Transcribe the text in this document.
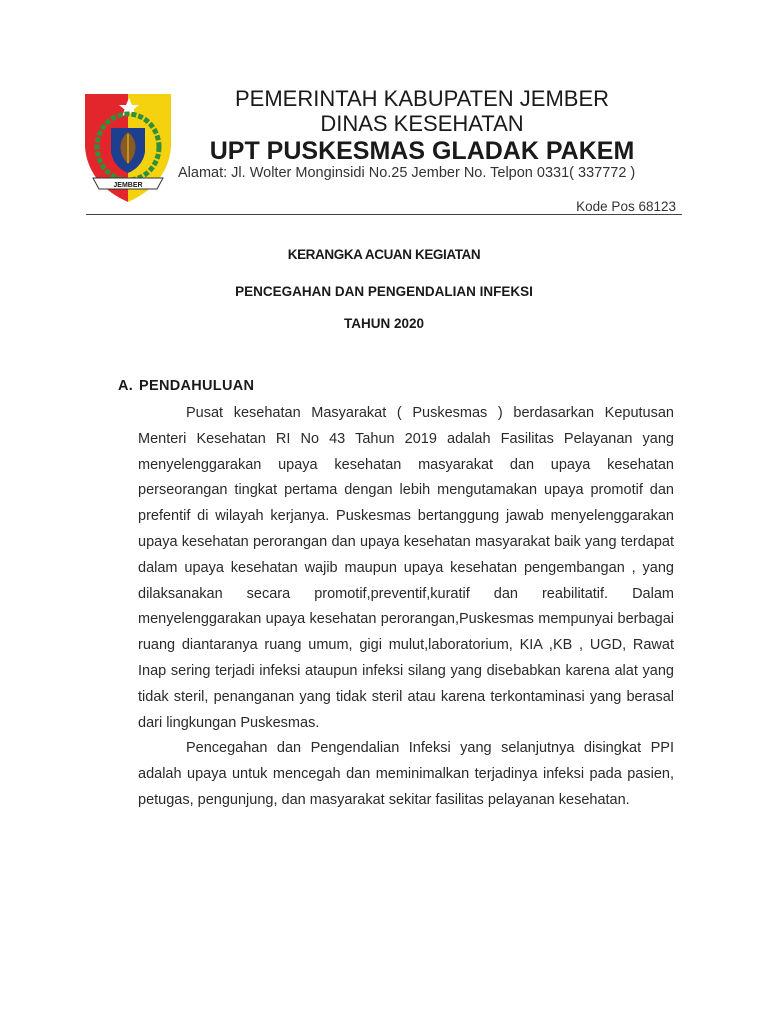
JEMBER
PEMERINTAH KABUPATEN JEMBER
DINAS KESEHATAN
UPT PUSKESMAS GLADAK PAKEM
Alamat: Jl. Wolter Monginsidi No.25 Jember No. Telpon 0331( 337772 )
Kode Pos 68123
KERANGKA ACUAN KEGIATAN
PENCEGAHAN DAN PENGENDALIAN INFEKSI
TAHUN 2020
A. PENDAHULUAN

Pusat kesehatan Masyarakat ( Puskesmas ) berdasarkan Keputusan Menteri Kesehatan RI No 43 Tahun 2019 adalah Fasilitas Pelayanan yang menyelenggarakan upaya kesehatan masyarakat dan upaya kesehatan perseorangan tingkat pertama dengan lebih mengutamakan upaya promotif dan prefentif di wilayah kerjanya. Puskesmas bertanggung jawab menyelenggarakan upaya kesehatan perorangan dan upaya kesehatan masyarakat baik yang terdapat dalam upaya kesehatan wajib maupun upaya kesehatan pengembangan , yang dilaksanakan secara promotif,preventif,kuratif dan reabilitatif. Dalam menyelenggarakan upaya kesehatan perorangan,Puskesmas mempunyai berbagai ruang diantaranya ruang umum, gigi mulut,laboratorium, KIA ,KB , UGD, Rawat Inap sering terjadi infeksi ataupun infeksi silang yang disebabkan karena alat yang tidak steril, penanganan yang tidak steril atau karena terkontaminasi yang berasal dari lingkungan Puskesmas.

Pencegahan dan Pengendalian Infeksi yang selanjutnya disingkat PPI adalah upaya untuk mencegah dan meminimalkan terjadinya infeksi pada pasien, petugas, pengunjung, dan masyarakat sekitar fasilitas pelayanan kesehatan.
